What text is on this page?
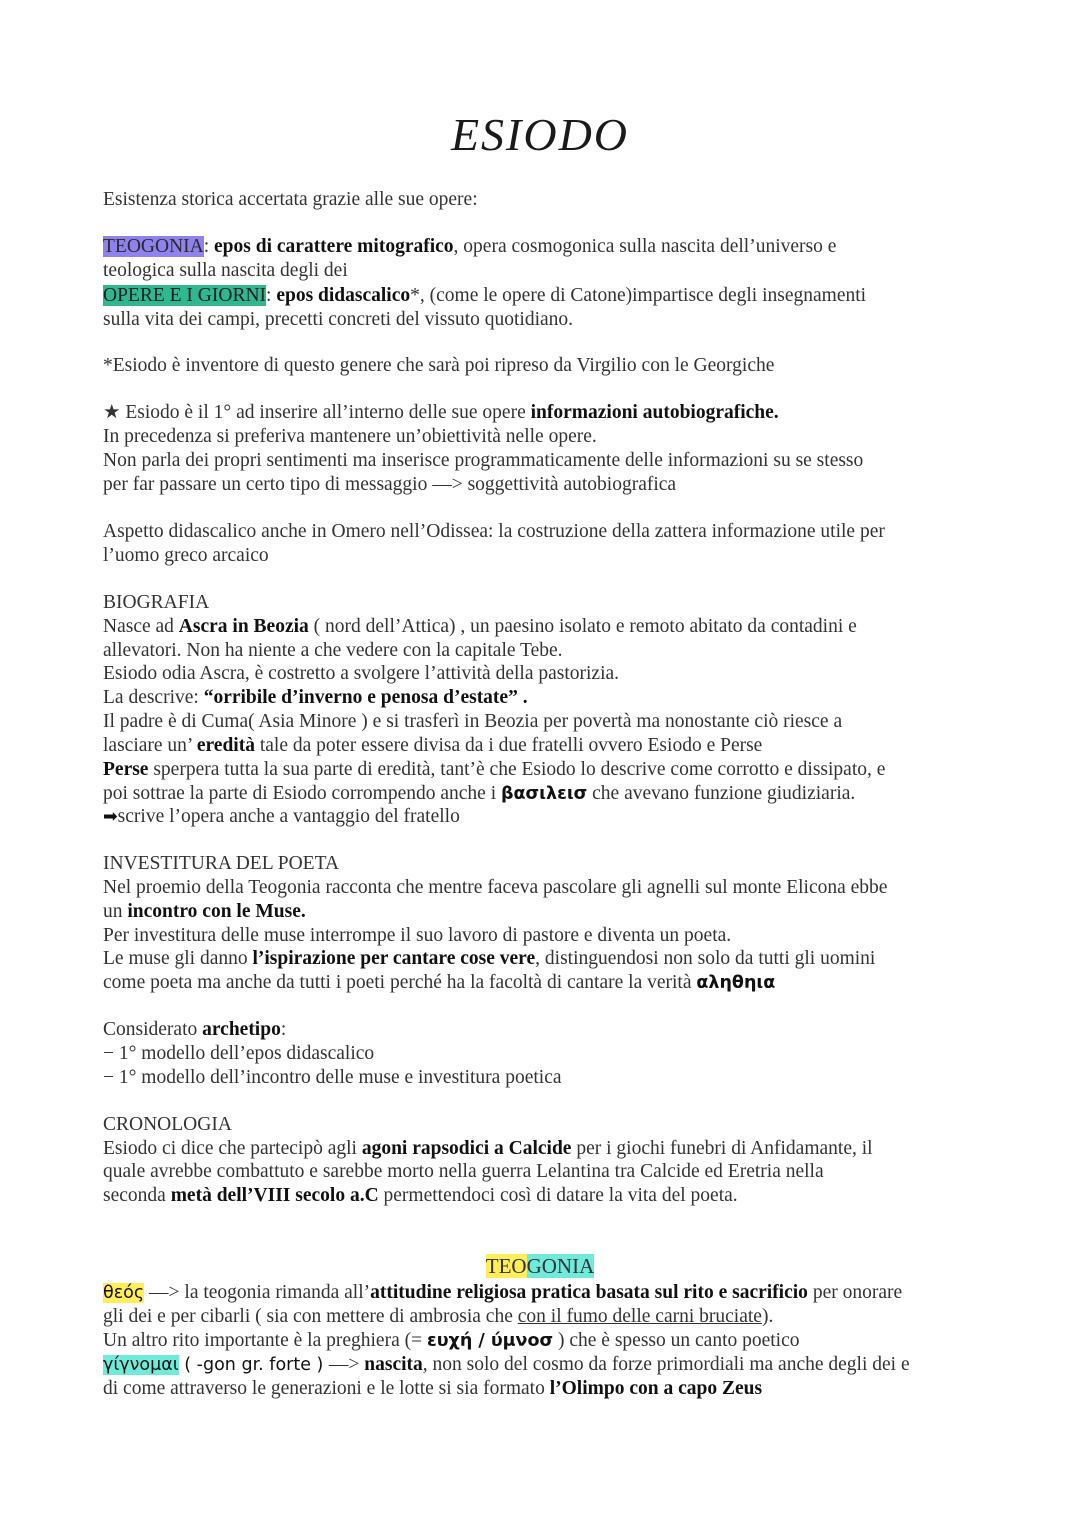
ESIODO
Esistenza storica accertata grazie alle sue opere:
TEOGONIA: epos di carattere mitografico, opera cosmogonica sulla nascita dell’universo e
teologica sulla nascita degli dei
OPERE E I GIORNI: epos didascalico*, (come le opere di Catone)impartisce degli insegnamenti
sulla vita dei campi, precetti concreti del vissuto quotidiano.
*Esiodo è inventore di questo genere che sarà poi ripreso da Virgilio con le Georgiche
★ Esiodo è il 1° ad inserire all’interno delle sue opere informazioni autobiografiche.
In precedenza si preferiva mantenere un’obiettività nelle opere.
Non parla dei propri sentimenti ma inserisce programmaticamente delle informazioni su se stesso
per far passare un certo tipo di messaggio —> soggettività autobiografica
Aspetto didascalico anche in Omero nell’Odissea: la costruzione della zattera informazione utile per
l’uomo greco arcaico
BIOGRAFIA
Nasce ad Ascra in Beozia ( nord dell’Attica) , un paesino isolato e remoto abitato da contadini e
allevatori. Non ha niente a che vedere con la capitale Tebe.
Esiodo odia Ascra, è costretto a svolgere l’attività della pastorizia.
La descrive: “orribile d’inverno e penosa d’estate” .
Il padre è di Cuma( Asia Minore ) e si trasferì in Beozia per povertà ma nonostante ciò riesce a
lasciare un’ eredità tale da poter essere divisa da i due fratelli ovvero Esiodo e Perse
Perse sperpera tutta la sua parte di eredità, tant’è che Esiodo lo descrive come corrotto e dissipato, e
poi sottrae la parte di Esiodo corrompendo anche i βασιλεισ che avevano funzione giudiziaria.
➡scrive l’opera anche a vantaggio del fratello
INVESTITURA DEL POETA
Nel proemio della Teogonia racconta che mentre faceva pascolare gli agnelli sul monte Elicona ebbe
un incontro con le Muse.
Per investitura delle muse interrompe il suo lavoro di pastore e diventa un poeta.
Le muse gli danno l’ispirazione per cantare cose vere, distinguendosi non solo da tutti gli uomini
come poeta ma anche da tutti i poeti perché ha la facoltà di cantare la verità αληθηια
Considerato archetipo:
− 1° modello dell’epos didascalico
− 1° modello dell’incontro delle muse e investitura poetica
CRONOLOGIA
Esiodo ci dice che partecipò agli agoni rapsodici a Calcide per i giochi funebri di Anfidamante, il
quale avrebbe combattuto e sarebbe morto nella guerra Lelantina tra Calcide ed Eretria nella
seconda metà dell’VIII secolo a.C permettendoci così di datare la vita del poeta.
TEOGONIA
θεός —> la teogonia rimanda all’attitudine religiosa pratica basata sul rito e sacrificio per onorare
gli dei e per cibarli ( sia con mettere di ambrosia che con il fumo delle carni bruciate).
Un altro rito importante è la preghiera (= ευχή / ύμνοσ ) che è spesso un canto poetico
γίγνομαι ( -gon gr. forte ) —> nascita, non solo del cosmo da forze primordiali ma anche degli dei e
di come attraverso le generazioni e le lotte si sia formato l’Olimpo con a capo Zeus
